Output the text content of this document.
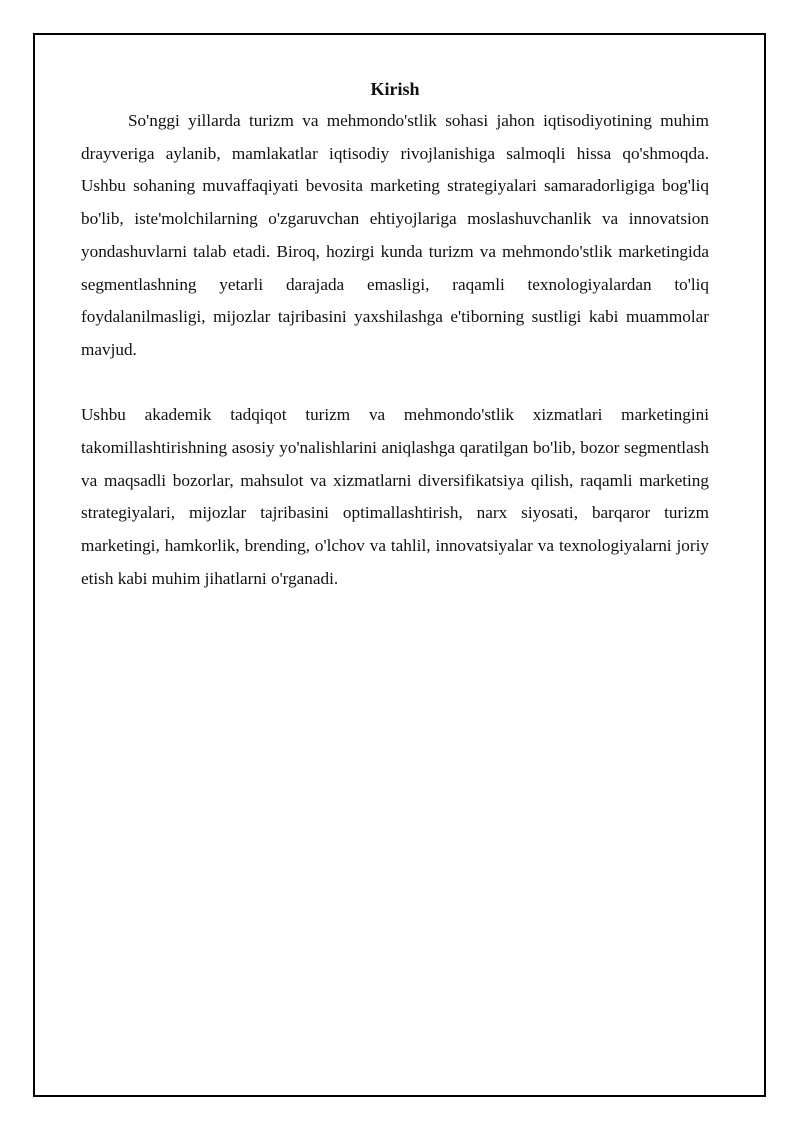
Kirish

So'nggi yillarda turizm va mehmondo'stlik sohasi jahon iqtisodiyotining muhim drayveriga aylanib, mamlakatlar iqtisodiy rivojlanishiga salmoqli hissa qo'shmoqda. Ushbu sohaning muvaffaqiyati bevosita marketing strategiyalari samaradorligiga bog'liq bo'lib, iste'molchilarning o'zgaruvchan ehtiyojlariga moslashuvchanlik va innovatsion yondashuvlarni talab etadi. Biroq, hozirgi kunda turizm va mehmondo'stlik marketingida segmentlashning yetarli darajada emasligi, raqamli texnologiyalardan to'liq foydalanilmasligi, mijozlar tajribasini yaxshilashga e'tiborning sustligi kabi muammolar mavjud.

Ushbu akademik tadqiqot turizm va mehmondo'stlik xizmatlari marketingini takomillashtirishning asosiy yo'nalishlarini aniqlashga qaratilgan bo'lib, bozor segmentlash va maqsadli bozorlar, mahsulot va xizmatlarni diversifikatsiya qilish, raqamli marketing strategiyalari, mijozlar tajribasini optimallashtirish, narx siyosati, barqaror turizm marketingi, hamkorlik, brending, o'lchov va tahlil, innovatsiyalar va texnologiyalarni joriy etish kabi muhim jihatlarni o'rganadi.
